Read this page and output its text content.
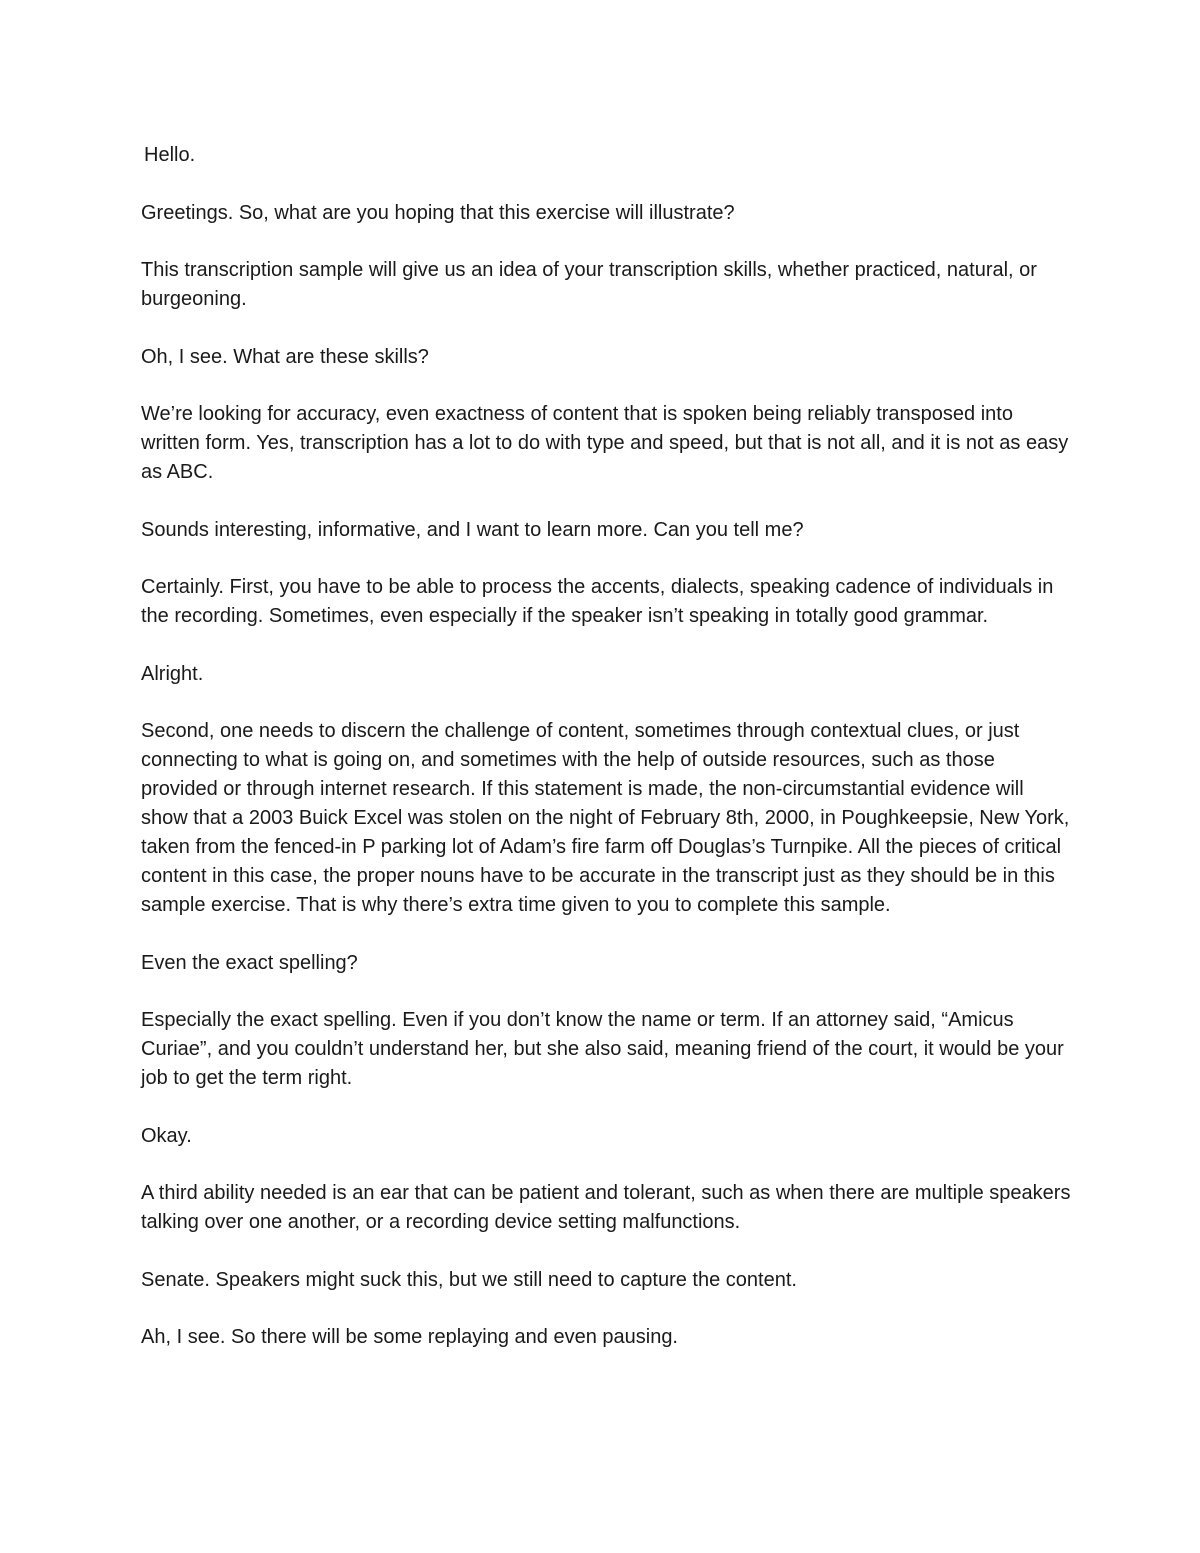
Hello.

Greetings. So, what are you hoping that this exercise will illustrate?

This transcription sample will give us an idea of your transcription skills, whether practiced, natural, or burgeoning.

Oh, I see. What are these skills?

We’re looking for accuracy, even exactness of content that is spoken being reliably transposed into written form. Yes, transcription has a lot to do with type and speed, but that is not all, and it is not as easy as ABC.

Sounds interesting, informative, and I want to learn more. Can you tell me?

Certainly. First, you have to be able to process the accents, dialects, speaking cadence of individuals in the recording. Sometimes, even especially if the speaker isn’t speaking in totally good grammar.

Alright.

Second, one needs to discern the challenge of content, sometimes through contextual clues, or just connecting to what is going on, and sometimes with the help of outside resources, such as those provided or through internet research. If this statement is made, the non-circumstantial evidence will show that a 2003 Buick Excel was stolen on the night of February 8th, 2000, in Poughkeepsie, New York, taken from the fenced-in P parking lot of Adam’s fire farm off Douglas’s Turnpike. All the pieces of critical content in this case, the proper nouns have to be accurate in the transcript just as they should be in this sample exercise. That is why there’s extra time given to you to complete this sample.

Even the exact spelling?

Especially the exact spelling. Even if you don’t know the name or term. If an attorney said, “Amicus Curiae”, and you couldn’t understand her, but she also said, meaning friend of the court, it would be your job to get the term right.

Okay.

A third ability needed is an ear that can be patient and tolerant, such as when there are multiple speakers talking over one another, or a recording device setting malfunctions.

Senate. Speakers might suck this, but we still need to capture the content.

Ah, I see. So there will be some replaying and even pausing.
